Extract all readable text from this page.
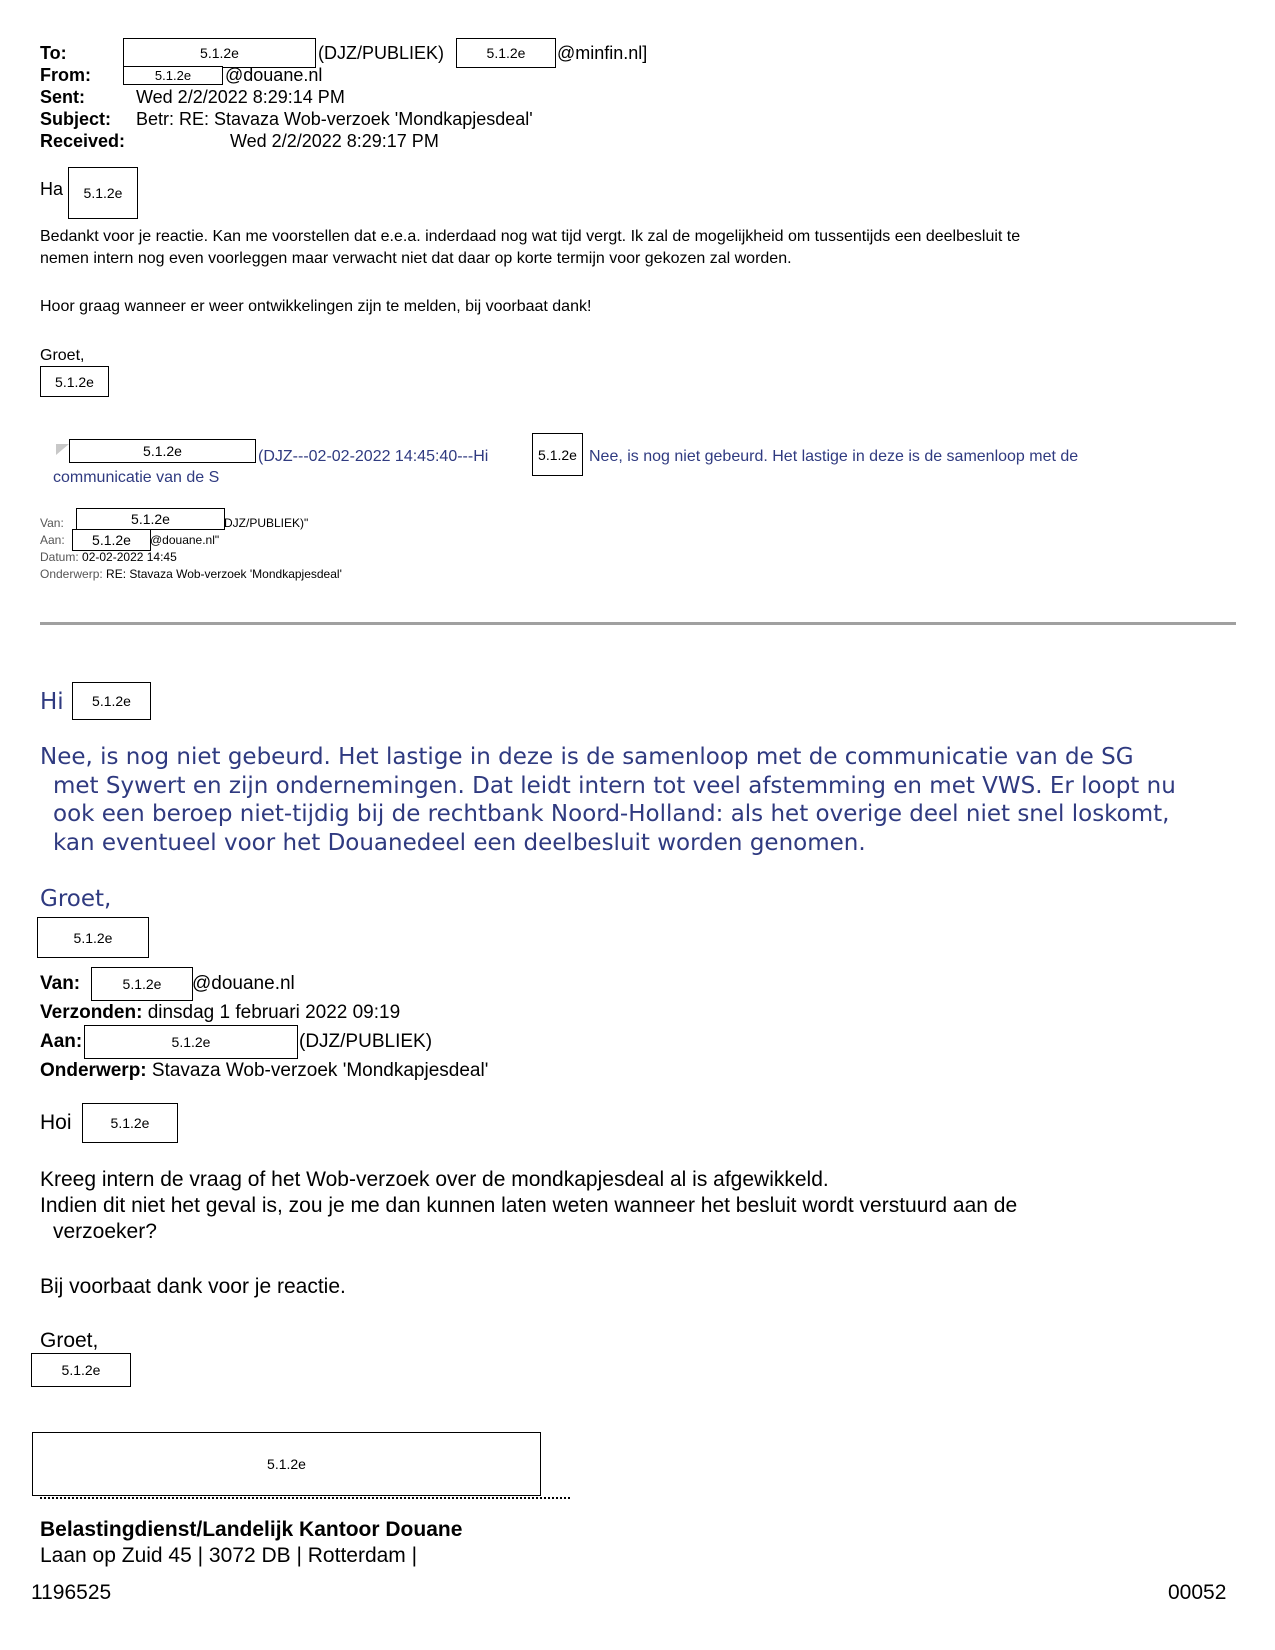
To:	5.1.2e	(DJZ/PUBLIEK)	5.1.2e	@minfin.nl]
From:	5.1.2e	@douane.nl
Sent:	Wed 2/2/2022 8:29:14 PM
Subject: Betr: RE: Stavaza Wob-verzoek 'Mondkapjesdeal'
Received:	Wed 2/2/2022 8:29:17 PM
Ha	5.1.2e
Bedankt voor je reactie. Kan me voorstellen dat e.e.a. inderdaad nog wat tijd vergt. Ik zal de mogelijkheid om tussentijds een deelbesluit te
nemen intern nog even voorleggen maar verwacht niet dat daar op korte termijn voor gekozen zal worden.
Hoor graag wanneer er weer ontwikkelingen zijn te melden, bij voorbaat dank!
Groet,
5.1.2e
5.1.2e	(DJZ---02-02-2022 14:45:40---Hi	5.1.2e Nee, is nog niet gebeurd. Het lastige in deze is de samenloop met de
communicatie van de S
Van:	5.1.2e	DJZ/PUBLIEK)"
Aan:	5.1.2e	@douane.nl"
Datum: 02-02-2022 14:45
Onderwerp: RE: Stavaza Wob-verzoek 'Mondkapjesdeal'
Hi	5.1.2e
Nee, is nog niet gebeurd. Het lastige in deze is de samenloop met de communicatie van de SG
met Sywert en zijn ondernemingen. Dat leidt intern tot veel afstemming en met VWS. Er loopt nu
ook een beroep niet-tijdig bij de rechtbank Noord-Holland: als het overige deel niet snel loskomt,
kan eventueel voor het Douanedeel een deelbesluit worden genomen.
Groet,
5.1.2e
Van:	5.1.2e	@douane.nl
Verzonden: dinsdag 1 februari 2022 09:19
Aan:	5.1.2e	(DJZ/PUBLIEK)
Onderwerp: Stavaza Wob-verzoek 'Mondkapjesdeal'
Hoi	5.1.2e
Kreeg intern de vraag of het Wob-verzoek over de mondkapjesdeal al is afgewikkeld.
Indien dit niet het geval is, zou je me dan kunnen laten weten wanneer het besluit wordt verstuurd aan de
verzoeker?
Bij voorbaat dank voor je reactie.
Groet,
5.1.2e
5.1.2e
Belastingdienst/Landelijk Kantoor Douane
Laan op Zuid 45 | 3072 DB | Rotterdam |
1196525	00052
